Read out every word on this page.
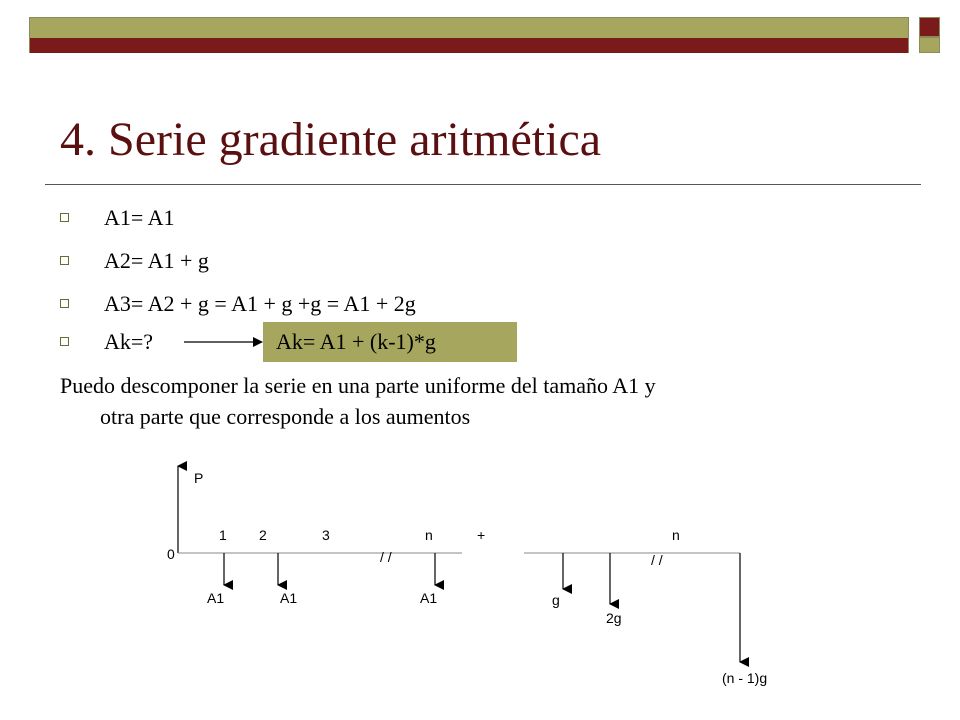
4. Serie gradiente aritmética
A1= A1
A2= A1 + g
A3= A2 + g = A1 + g +g = A1 + 2g
Ak=?	Ak= A1 + (k-1)*g
Puedo descomponer la serie en una parte uniforme del tamaño A1 y
otra parte que corresponde a los aumentos
P
0
1 2	3	n	+
/ /
A1	A1	A1
n
/ /
g
2g
(n - 1)g
